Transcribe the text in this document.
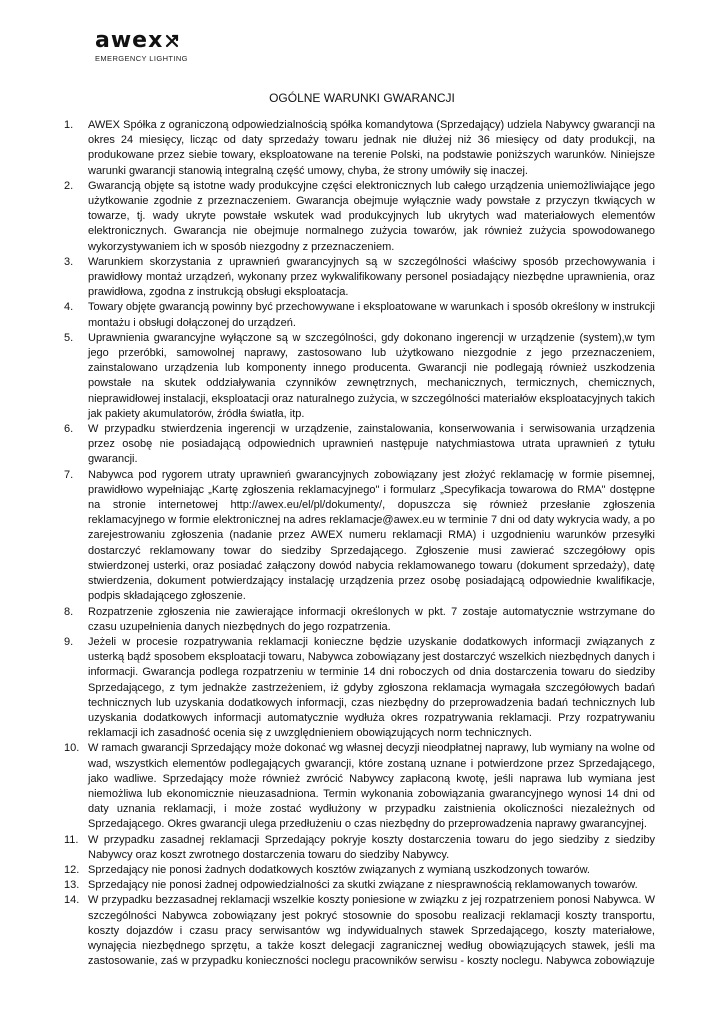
awex
EMERGENCY LIGHTING
OGÓLNE WARUNKI GWARANCJI
1. AWEX Spółka z ograniczoną odpowiedzialnością spółka komandytowa (Sprzedający) udziela Nabywcy gwarancji na okres 24 miesięcy, licząc od daty sprzedaży towaru jednak nie dłużej niż 36 miesięcy od daty produkcji, na produkowane przez siebie towary, eksploatowane na terenie Polski, na podstawie poniższych warunków. Niniejsze warunki gwarancji stanowią integralną część umowy, chyba, że strony umówiły się inaczej.
2. Gwarancją objęte są istotne wady produkcyjne części elektronicznych lub całego urządzenia uniemożliwiające jego użytkowanie zgodnie z przeznaczeniem. Gwarancja obejmuje wyłącznie wady powstałe z przyczyn tkwiących w towarze, tj. wady ukryte powstałe wskutek wad produkcyjnych lub ukrytych wad materiałowych elementów elektronicznych. Gwarancja nie obejmuje normalnego zużycia towarów, jak również zużycia spowodowanego wykorzystywaniem ich w sposób niezgodny z przeznaczeniem.
3. Warunkiem skorzystania z uprawnień gwarancyjnych są w szczególności właściwy sposób przechowywania i prawidłowy montaż urządzeń, wykonany przez wykwalifikowany personel posiadający niezbędne uprawnienia, oraz prawidłowa, zgodna z instrukcją obsługi eksploatacja.
4. Towary objęte gwarancją powinny być przechowywane i eksploatowane w warunkach i sposób określony w instrukcji montażu i obsługi dołączonej do urządzeń.
5. Uprawnienia gwarancyjne wyłączone są w szczególności, gdy dokonano ingerencji w urządzenie (system),w tym jego przeróbki, samowolnej naprawy, zastosowano lub użytkowano niezgodnie z jego przeznaczeniem, zainstalowano urządzenia lub komponenty innego producenta. Gwarancji nie podlegają również uszkodzenia powstałe na skutek oddziaływania czynników zewnętrznych, mechanicznych, termicznych, chemicznych, nieprawidłowej instalacji, eksploatacji oraz naturalnego zużycia, w szczególności materiałów eksploatacyjnych takich jak pakiety akumulatorów, źródła światła, itp.
6. W przypadku stwierdzenia ingerencji w urządzenie, zainstalowania, konserwowania i serwisowania urządzenia przez osobę nie posiadającą odpowiednich uprawnień następuje natychmiastowa utrata uprawnień z tytułu gwarancji.
7. Nabywca pod rygorem utraty uprawnień gwarancyjnych zobowiązany jest złożyć reklamację w formie pisemnej, prawidłowo wypełniając „Kartę zgłoszenia reklamacyjnego" i formularz „Specyfikacja towarowa do RMA" dostępne na stronie internetowej http://awex.eu/el/pl/dokumenty/, dopuszcza się również przesłanie zgłoszenia reklamacyjnego w formie elektronicznej na adres reklamacje@awex.eu w terminie 7 dni od daty wykrycia wady, a po zarejestrowaniu zgłoszenia (nadanie przez AWEX numeru reklamacji RMA) i uzgodnieniu warunków przesyłki dostarczyć reklamowany towar do siedziby Sprzedającego. Zgłoszenie musi zawierać szczegółowy opis stwierdzonej usterki, oraz posiadać załączony dowód nabycia reklamowanego towaru (dokument sprzedaży), datę stwierdzenia, dokument potwierdzający instalację urządzenia przez osobę posiadającą odpowiednie kwalifikacje, podpis składającego zgłoszenie.
8. Rozpatrzenie zgłoszenia nie zawierające informacji określonych w pkt. 7 zostaje automatycznie wstrzymane do czasu uzupełnienia danych niezbędnych do jego rozpatrzenia.
9. Jeżeli w procesie rozpatrywania reklamacji konieczne będzie uzyskanie dodatkowych informacji związanych z usterką bądź sposobem eksploatacji towaru, Nabywca zobowiązany jest dostarczyć wszelkich niezbędnych danych i informacji. Gwarancja podlega rozpatrzeniu w terminie 14 dni roboczych od dnia dostarczenia towaru do siedziby Sprzedającego, z tym jednakże zastrzeżeniem, iż gdyby zgłoszona reklamacja wymagała szczegółowych badań technicznych lub uzyskania dodatkowych informacji, czas niezbędny do przeprowadzenia badań technicznych lub uzyskania dodatkowych informacji automatycznie wydłuża okres rozpatrywania reklamacji. Przy rozpatrywaniu reklamacji ich zasadność ocenia się z uwzględnieniem obowiązujących norm technicznych.
10. W ramach gwarancji Sprzedający może dokonać wg własnej decyzji nieodpłatnej naprawy, lub wymiany na wolne od wad, wszystkich elementów podlegających gwarancji, które zostaną uznane i potwierdzone przez Sprzedającego, jako wadliwe. Sprzedający może również zwrócić Nabywcy zapłaconą kwotę, jeśli naprawa lub wymiana jest niemożliwa lub ekonomicznie nieuzasadniona. Termin wykonania zobowiązania gwarancyjnego wynosi 14 dni od daty uznania reklamacji, i może zostać wydłużony w przypadku zaistnienia okoliczności niezależnych od Sprzedającego. Okres gwarancji ulega przedłużeniu o czas niezbędny do przeprowadzenia naprawy gwarancyjnej.
11. W przypadku zasadnej reklamacji Sprzedający pokryje koszty dostarczenia towaru do jego siedziby z siedziby Nabywcy oraz koszt zwrotnego dostarczenia towaru do siedziby Nabywcy.
12. Sprzedający nie ponosi żadnych dodatkowych kosztów związanych z wymianą uszkodzonych towarów.
13. Sprzedający nie ponosi żadnej odpowiedzialności za skutki związane z niesprawnością reklamowanych towarów.
14. W przypadku bezzasadnej reklamacji wszelkie koszty poniesione w związku z jej rozpatrzeniem ponosi Nabywca. W szczególności Nabywca zobowiązany jest pokryć stosownie do sposobu realizacji reklamacji koszty transportu, koszty dojazdów i czasu pracy serwisantów wg indywidualnych stawek Sprzedającego, koszty materiałowe, wynajęcia niezbędnego sprzętu, a także koszt delegacji zagranicznej według obowiązujących stawek, jeśli ma zastosowanie, zaś w przypadku konieczności noclegu pracowników serwisu - koszty noclegu. Nabywca zobowiązuje
